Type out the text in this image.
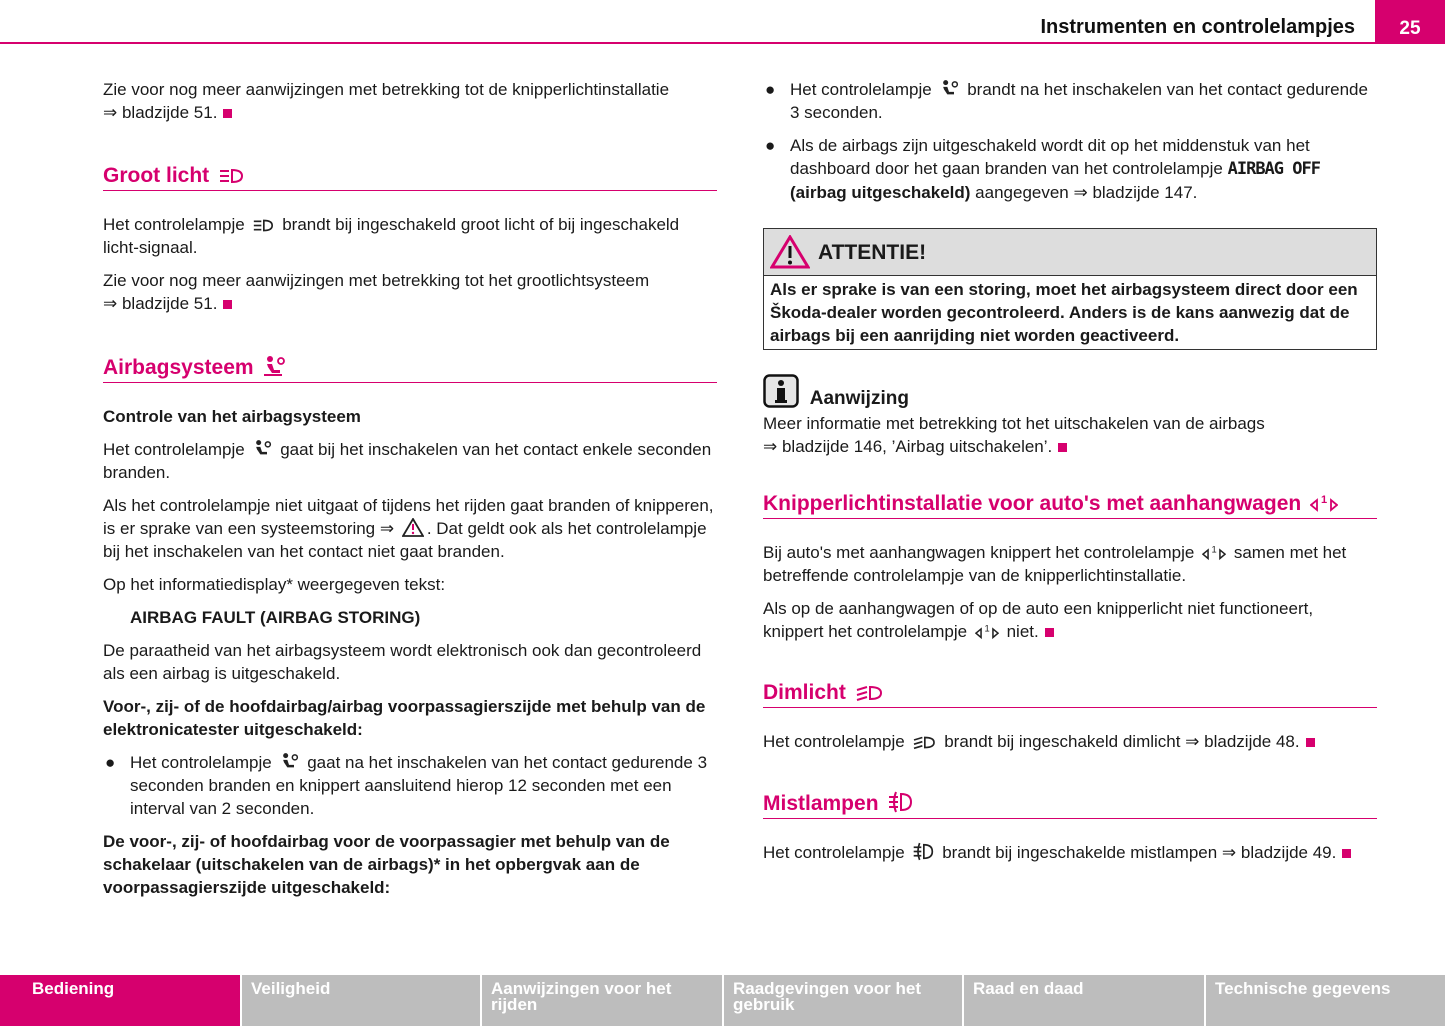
Instrumenten en controlelampjes	25

Zie voor nog meer aanwijzingen met betrekking tot de knipperlichtinstallatie
⇒ bladzijde 51.

Groot licht

Het controlelampje brandt bij ingeschakeld groot licht of bij ingeschakeld licht-signaal.

Zie voor nog meer aanwijzingen met betrekking tot het grootlichtsysteem
⇒ bladzijde 51.

Airbagsysteem

Controle van het airbagsysteem

Het controlelampje gaat bij het inschakelen van het contact enkele seconden branden.

Als het controlelampje niet uitgaat of tijdens het rijden gaat branden of knipperen, is er sprake van een systeemstoring ⇒ . Dat geldt ook als het controlelampje bij het inschakelen van het contact niet gaat branden.

Op het informatiedisplay* weergegeven tekst:

AIRBAG FAULT (AIRBAG STORING)

De paraatheid van het airbagsysteem wordt elektronisch ook dan gecontroleerd als een airbag is uitgeschakeld.

Voor-, zij- of de hoofdairbag/airbag voorpassagierszijde met behulp van de elektronicatester uitgeschakeld:

● Het controlelampje gaat na het inschakelen van het contact gedurende 3 seconden branden en knippert aansluitend hierop 12 seconden met een interval van 2 seconden.

De voor-, zij- of hoofdairbag voor de voorpassagier met behulp van de schakelaar (uitschakelen van de airbags)* in het opbergvak aan de voorpassagierszijde uitgeschakeld:

● Het controlelampje brandt na het inschakelen van het contact gedurende 3 seconden.
● Als de airbags zijn uitgeschakeld wordt dit op het middenstuk van het dashboard door het gaan branden van het controlelampje AIRBAG OFF (airbag uitgeschakeld) aangegeven ⇒ bladzijde 147.
ATTENTIE!
Als er sprake is van een storing, moet het airbagsysteem direct door een Škoda-dealer worden gecontroleerd. Anders is de kans aanwezig dat de airbags bij een aanrijding niet worden geactiveerd.
Aanwijzing

Meer informatie met betrekking tot het uitschakelen van de airbags
⇒ bladzijde 146, ’Airbag uitschakelen’.

Knipperlichtinstallatie voor auto's met aanhangwagen 1

Bij auto's met aanhangwagen knippert het controlelampje 1 samen met het betreffende controlelampje van de knipperlichtinstallatie.

Als op de aanhangwagen of op de auto een knipperlicht niet functioneert, knippert het controlelampje 1 niet.

Dimlicht

Het controlelampje brandt bij ingeschakeld dimlicht ⇒ bladzijde 48.

Mistlampen

Het controlelampje brandt bij ingeschakelde mistlampen ⇒ bladzijde 49.

Bediening	Veiligheid	Aanwijzingen voor het rijden
Raadgevingen voor het gebruik
Raad en daad	Technische gegevens
